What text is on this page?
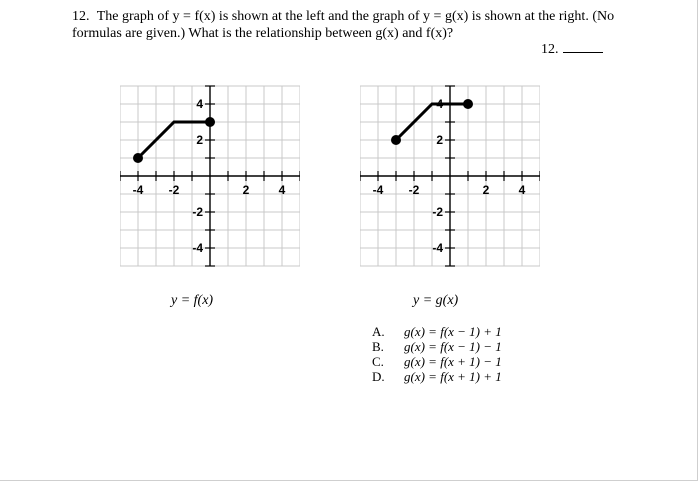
12. The graph of y = f(x) is shown at the left and the graph of y = g(x) is shown at the right. (No formulas are given.) What is the relationship between g(x) and f(x)?
12.
-4 -2	2 4
4
2
-2
-4
-4 -2	2 4
4
2
-2
-4
y = f(x)	y = g(x)
A.	g(x) = f(x − 1) + 1
B.	g(x) = f(x − 1) − 1
C.	g(x) = f(x + 1) − 1
D.	g(x) = f(x + 1) + 1
